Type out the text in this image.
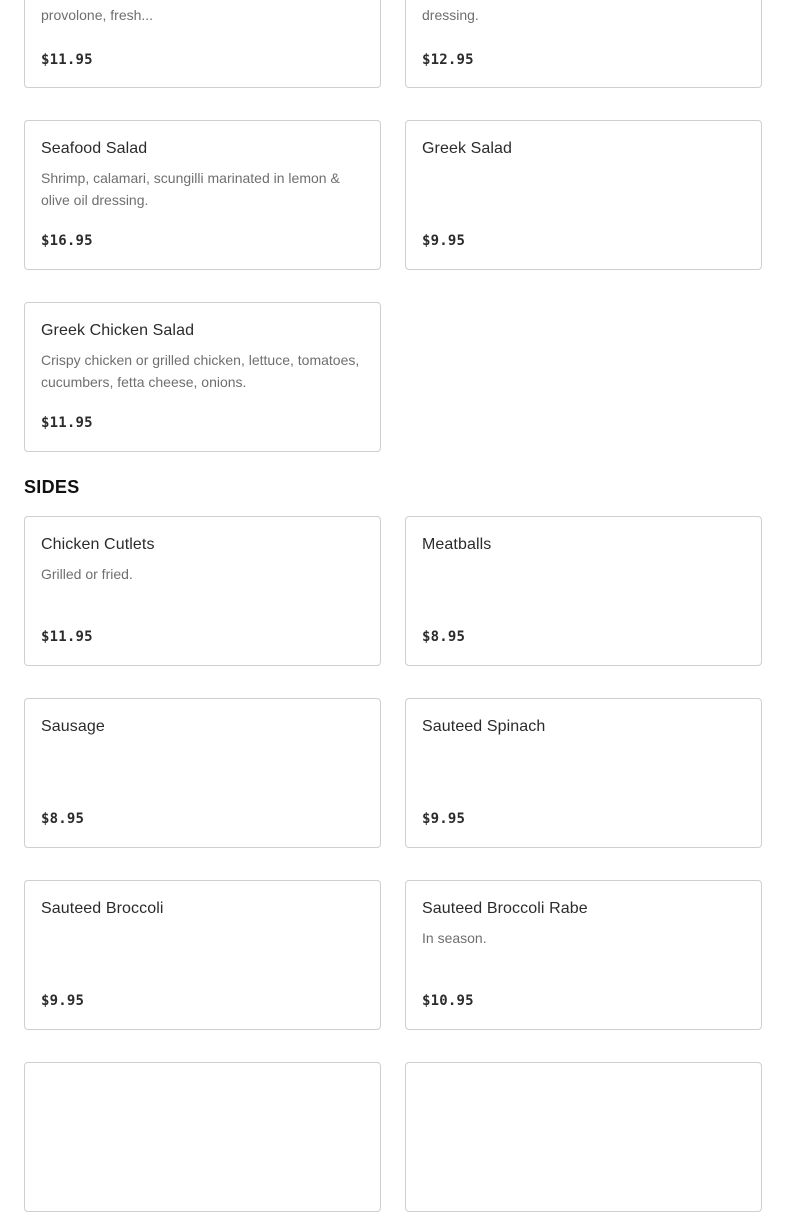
provolone, fresh...
$11.95
dressing.
$12.95
Seafood Salad
Shrimp, calamari, scungilli marinated in lemon & olive oil dressing.
$16.95
Greek Salad
$9.95
Greek Chicken Salad
Crispy chicken or grilled chicken, lettuce, tomatoes, cucumbers, fetta cheese, onions.
$11.95
SIDES
Chicken Cutlets
Grilled or fried.
$11.95
Meatballs
$8.95
Sausage
$8.95
Sauteed Spinach
$9.95
Sauteed Broccoli
$9.95
Sauteed Broccoli Rabe
In season.
$10.95
